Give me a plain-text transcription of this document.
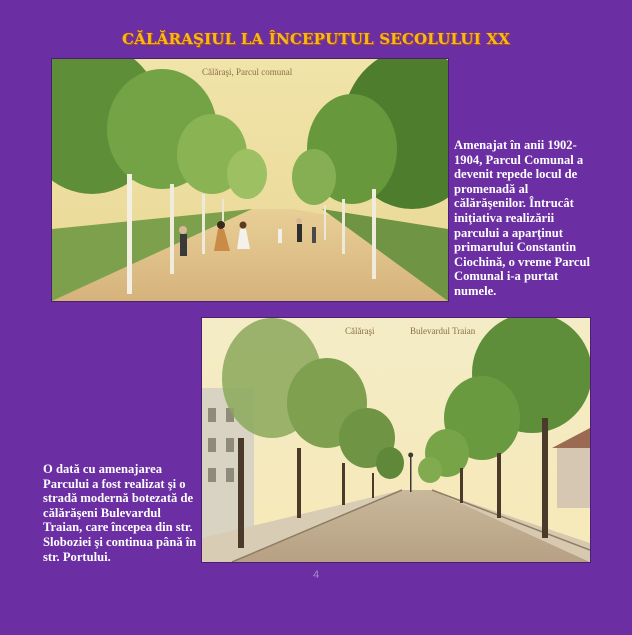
CĂLĂRAŞIUL LA ÎNCEPUTUL SECOLULUI XX
Călăraşi, Parcul comunal
Amenajat în anii 1902-
1904, Parcul Comunal a
devenit repede locul de
promenadă al
călărăşenilor. Întrucât
iniţiativa realizării
parcului a aparţinut
primarului Constantin
Ciochină, o vreme Parcul
Comunal i-a purtat
numele.
Călăraşi	Bulevardul Traian
O dată cu amenajarea
Parcului a fost realizat şi o
stradă modernă botezată de
călărăşeni Bulevardul
Traian, care începea din str.
Sloboziei şi continua până în
str. Portului.
4
